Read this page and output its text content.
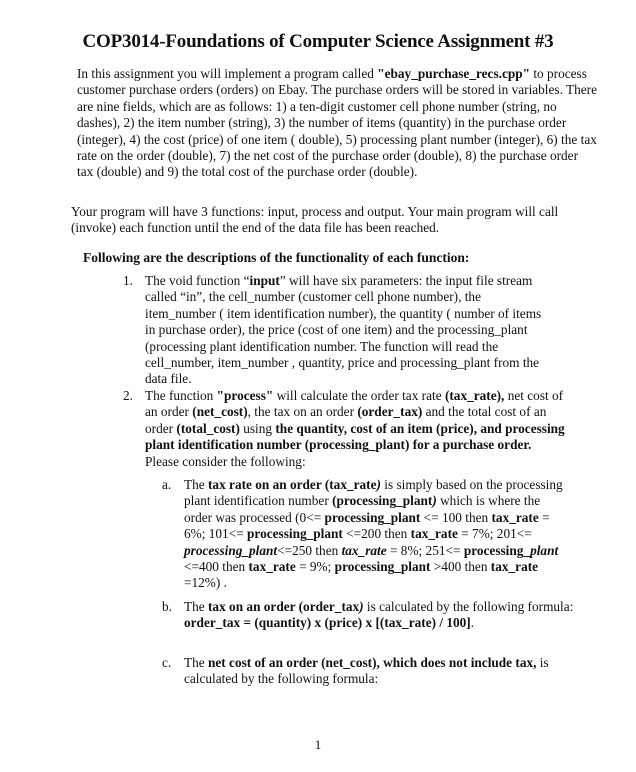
COP3014-Foundations of Computer Science Assignment #3

In this assignment you will implement a program called "ebay_purchase_recs.cpp" to process customer purchase orders (orders) on Ebay. The purchase orders will be stored in variables. There are nine fields, which are as follows: 1) a ten-digit customer cell phone number (string, no dashes), 2) the item number (string), 3) the number of items (quantity) in the purchase order (integer), 4) the cost (price) of one item ( double), 5) processing plant number (integer), 6) the tax rate on the order (double), 7) the net cost of the purchase order (double), 8) the purchase order tax (double) and 9) the total cost of the purchase order (double).

Your program will have 3 functions: input, process and output. Your main program will call (invoke) each function until the end of the data file has been reached.

Following are the descriptions of the functionality of each function:
1. The void function “input” will have six parameters: the input file stream called “in”, the cell_number (customer cell phone number), the item_number ( item identification number), the quantity ( number of items in purchase order), the price (cost of one item) and the processing_plant (processing plant identification number. The function will read the cell_number, item_number , quantity, price and processing_plant from the data file.
2. The function "process" will calculate the order tax rate (tax_rate), net cost of an order (net_cost), the tax on an order (order_tax) and the total cost of an order (total_cost) using the quantity, cost of an item (price), and processing plant identification number (processing_plant) for a purchase order. Please consider the following:
a. The tax rate on an order (tax_rate) is simply based on the processing plant identification number (processing_plant) which is where the order was processed (0<= processing_plant <= 100 then tax_rate = 6%; 101<= processing_plant <=200 then tax_rate = 7%; 201<= processing_plant<=250 then tax_rate = 8%; 251<= processing_plant <=400 then tax_rate = 9%; processing_plant >400 then tax_rate =12%) .
b. The tax on an order (order_tax) is calculated by the following formula:
order_tax = (quantity) x (price) x [(tax_rate) / 100].
c. The net cost of an order (net_cost), which does not include tax, is calculated by the following formula:
1
